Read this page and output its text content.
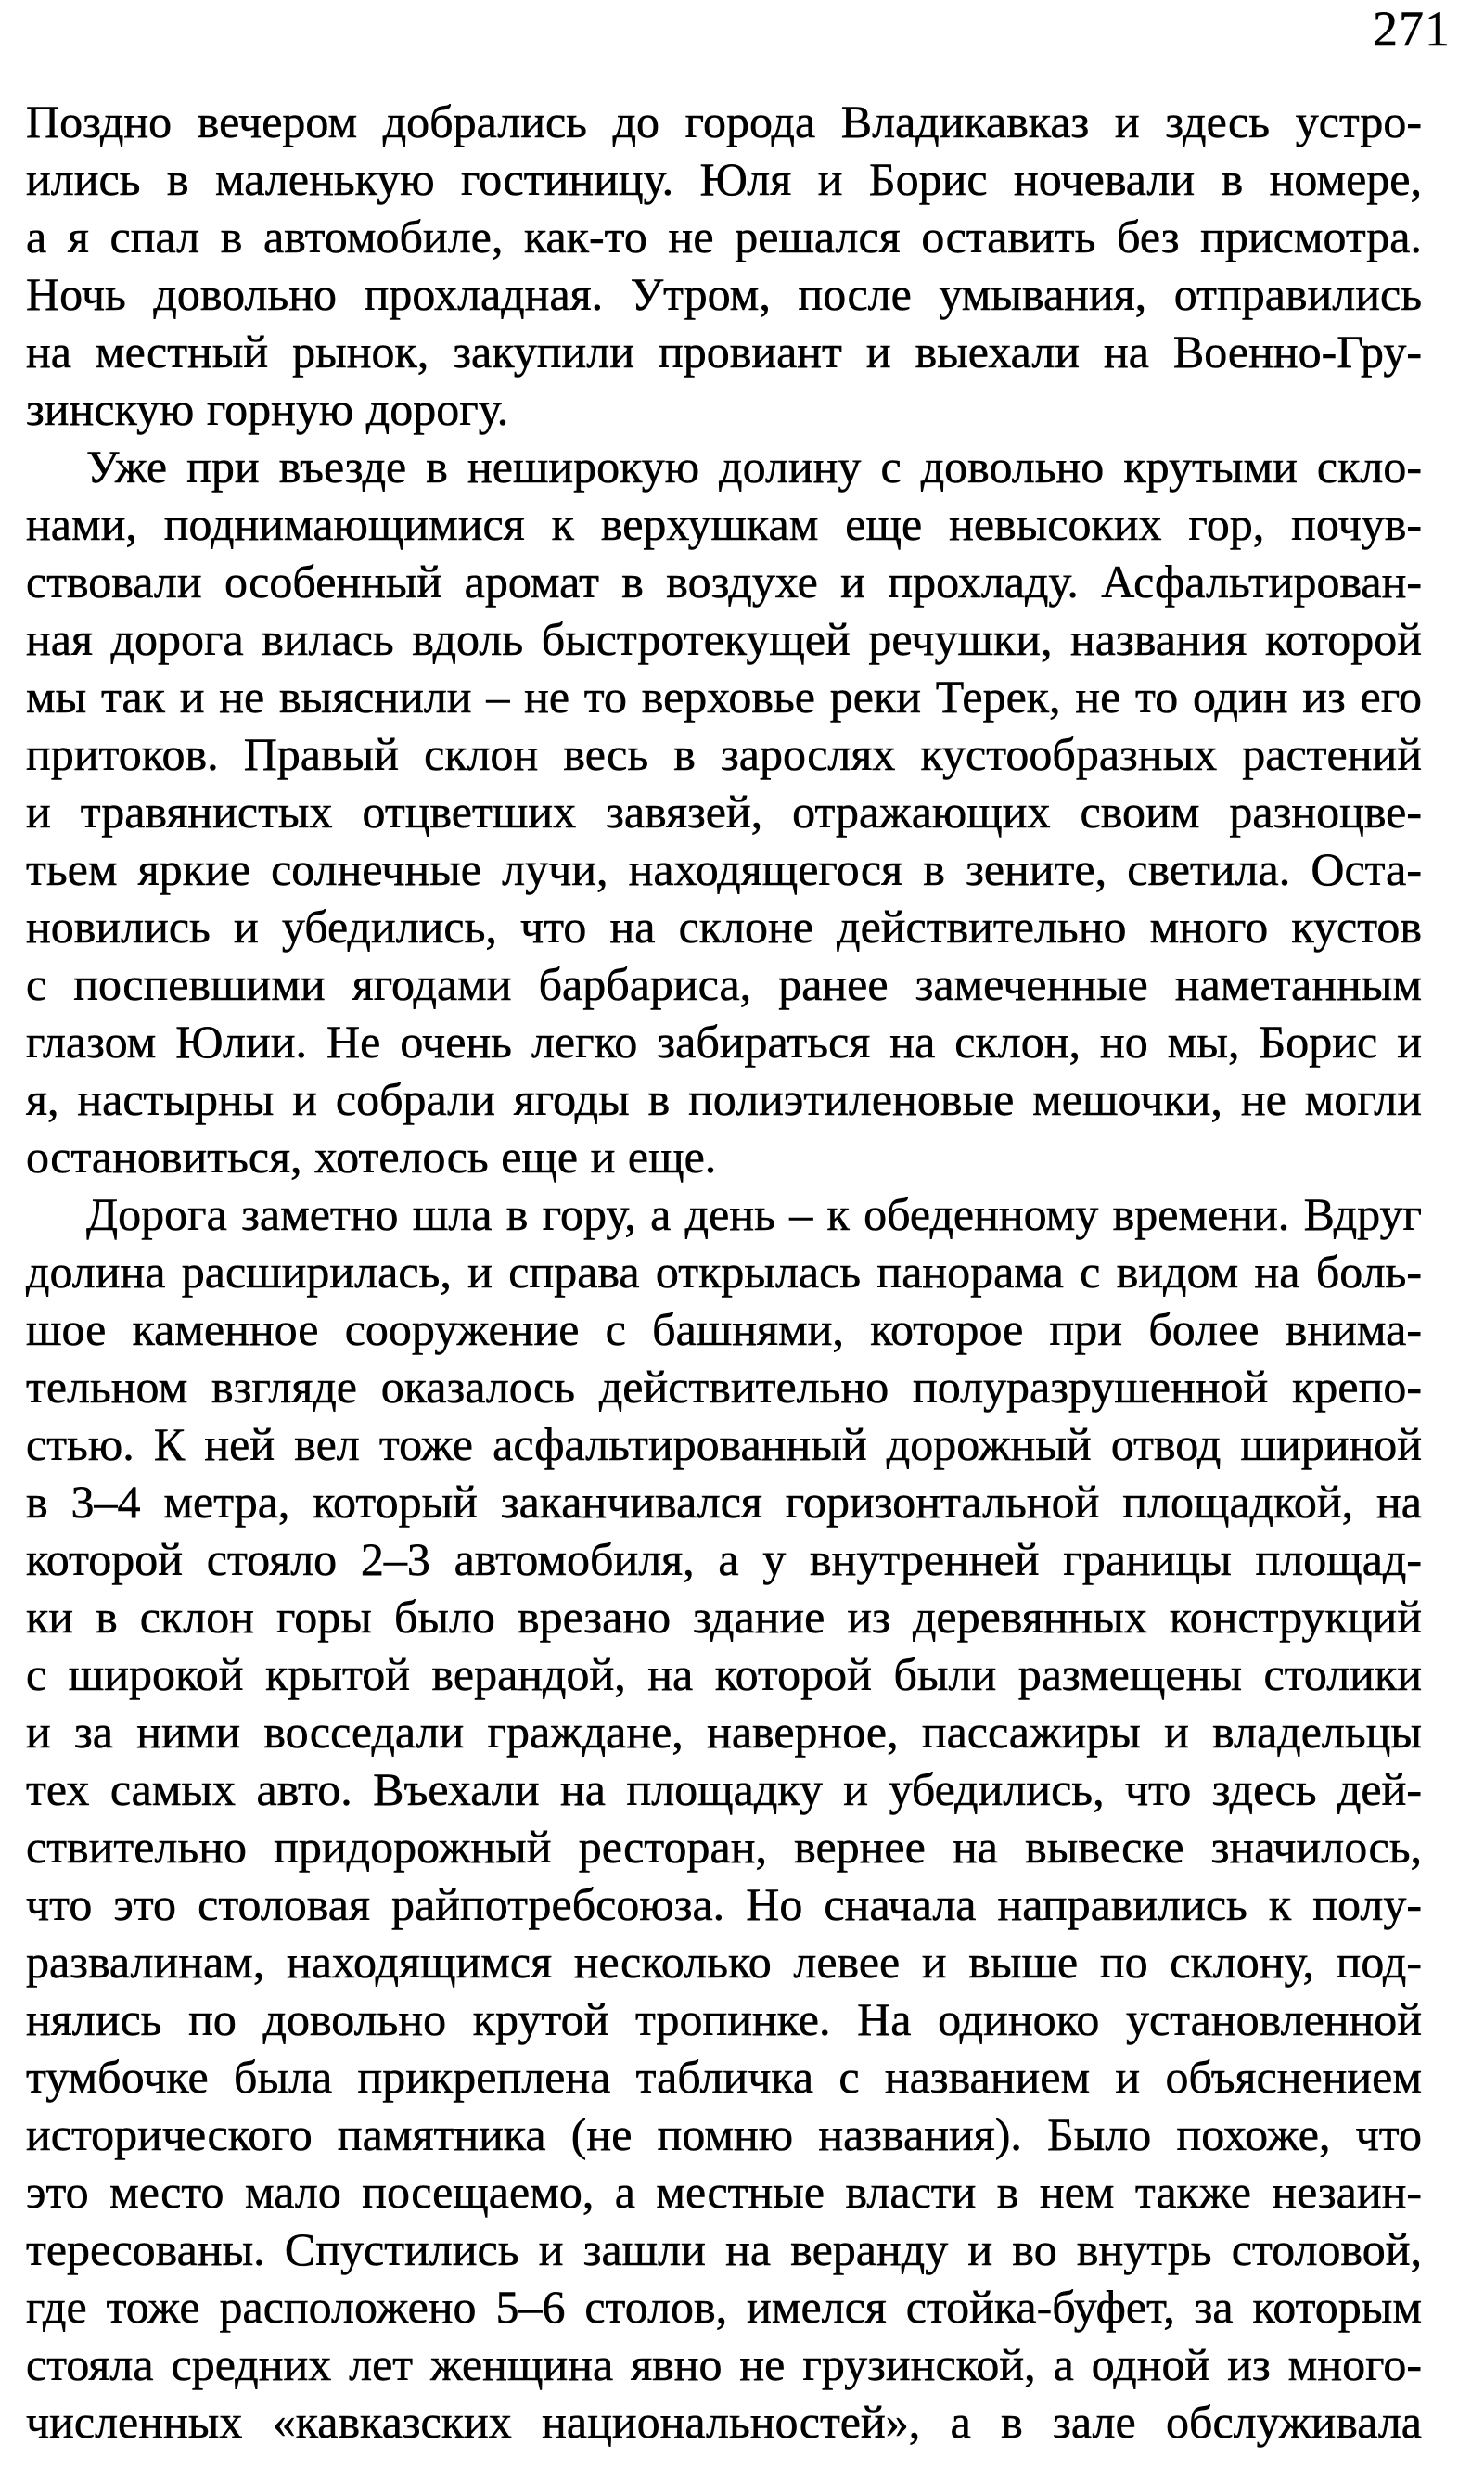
271
Поздно вечером добрались до города Владикавказ и здесь устро-
ились в маленькую гостиницу. Юля и Борис ночевали в номере,
а я спал в автомобиле, как-то не решался оставить без присмотра.
Ночь довольно прохладная. Утром, после умывания, отправились
на местный рынок, закупили провиант и выехали на Военно-Гру-
зинскую горную дорогу.
Уже при въезде в неширокую долину с довольно крутыми скло-
нами, поднимающимися к верхушкам еще невысоких гор, почув-
ствовали особенный аромат в воздухе и прохладу. Асфальтирован-
ная дорога вилась вдоль быстротекущей речушки, названия которой
мы так и не выяснили – не то верховье реки Терек, не то один из его
притоков. Правый склон весь в зарослях кустообразных растений
и травянистых отцветших завязей, отражающих своим разноцве-
тьем яркие солнечные лучи, находящегося в зените, светила. Оста-
новились и убедились, что на склоне действительно много кустов
с поспевшими ягодами барбариса, ранее замеченные наметанным
глазом Юлии. Не очень легко забираться на склон, но мы, Борис и
я, настырны и собрали ягоды в полиэтиленовые мешочки, не могли
остановиться, хотелось еще и еще.
Дорога заметно шла в гору, а день – к обеденному времени. Вдруг
долина расширилась, и справа открылась панорама с видом на боль-
шое каменное сооружение с башнями, которое при более внима-
тельном взгляде оказалось действительно полуразрушенной крепо-
стью. К ней вел тоже асфальтированный дорожный отвод шириной
в 3–4 метра, который заканчивался горизонтальной площадкой, на
которой стояло 2–3 автомобиля, а у внутренней границы площад-
ки в склон горы было врезано здание из деревянных конструкций
с широкой крытой верандой, на которой были размещены столики
и за ними восседали граждане, наверное, пассажиры и владельцы
тех самых авто. Въехали на площадку и убедились, что здесь дей-
ствительно придорожный ресторан, вернее на вывеске значилось,
что это столовая райпотребсоюза. Но сначала направились к полу-
развалинам, находящимся несколько левее и выше по склону, под-
нялись по довольно крутой тропинке. На одиноко установленной
тумбочке была прикреплена табличка с названием и объяснением
исторического памятника (не помню названия). Было похоже, что
это место мало посещаемо, а местные власти в нем также незаин-
тересованы. Спустились и зашли на веранду и во внутрь столовой,
где тоже расположено 5–6 столов, имелся стойка-буфет, за которым
стояла средних лет женщина явно не грузинской, а одной из много-
численных «кавказских национальностей», а в зале обслуживала
